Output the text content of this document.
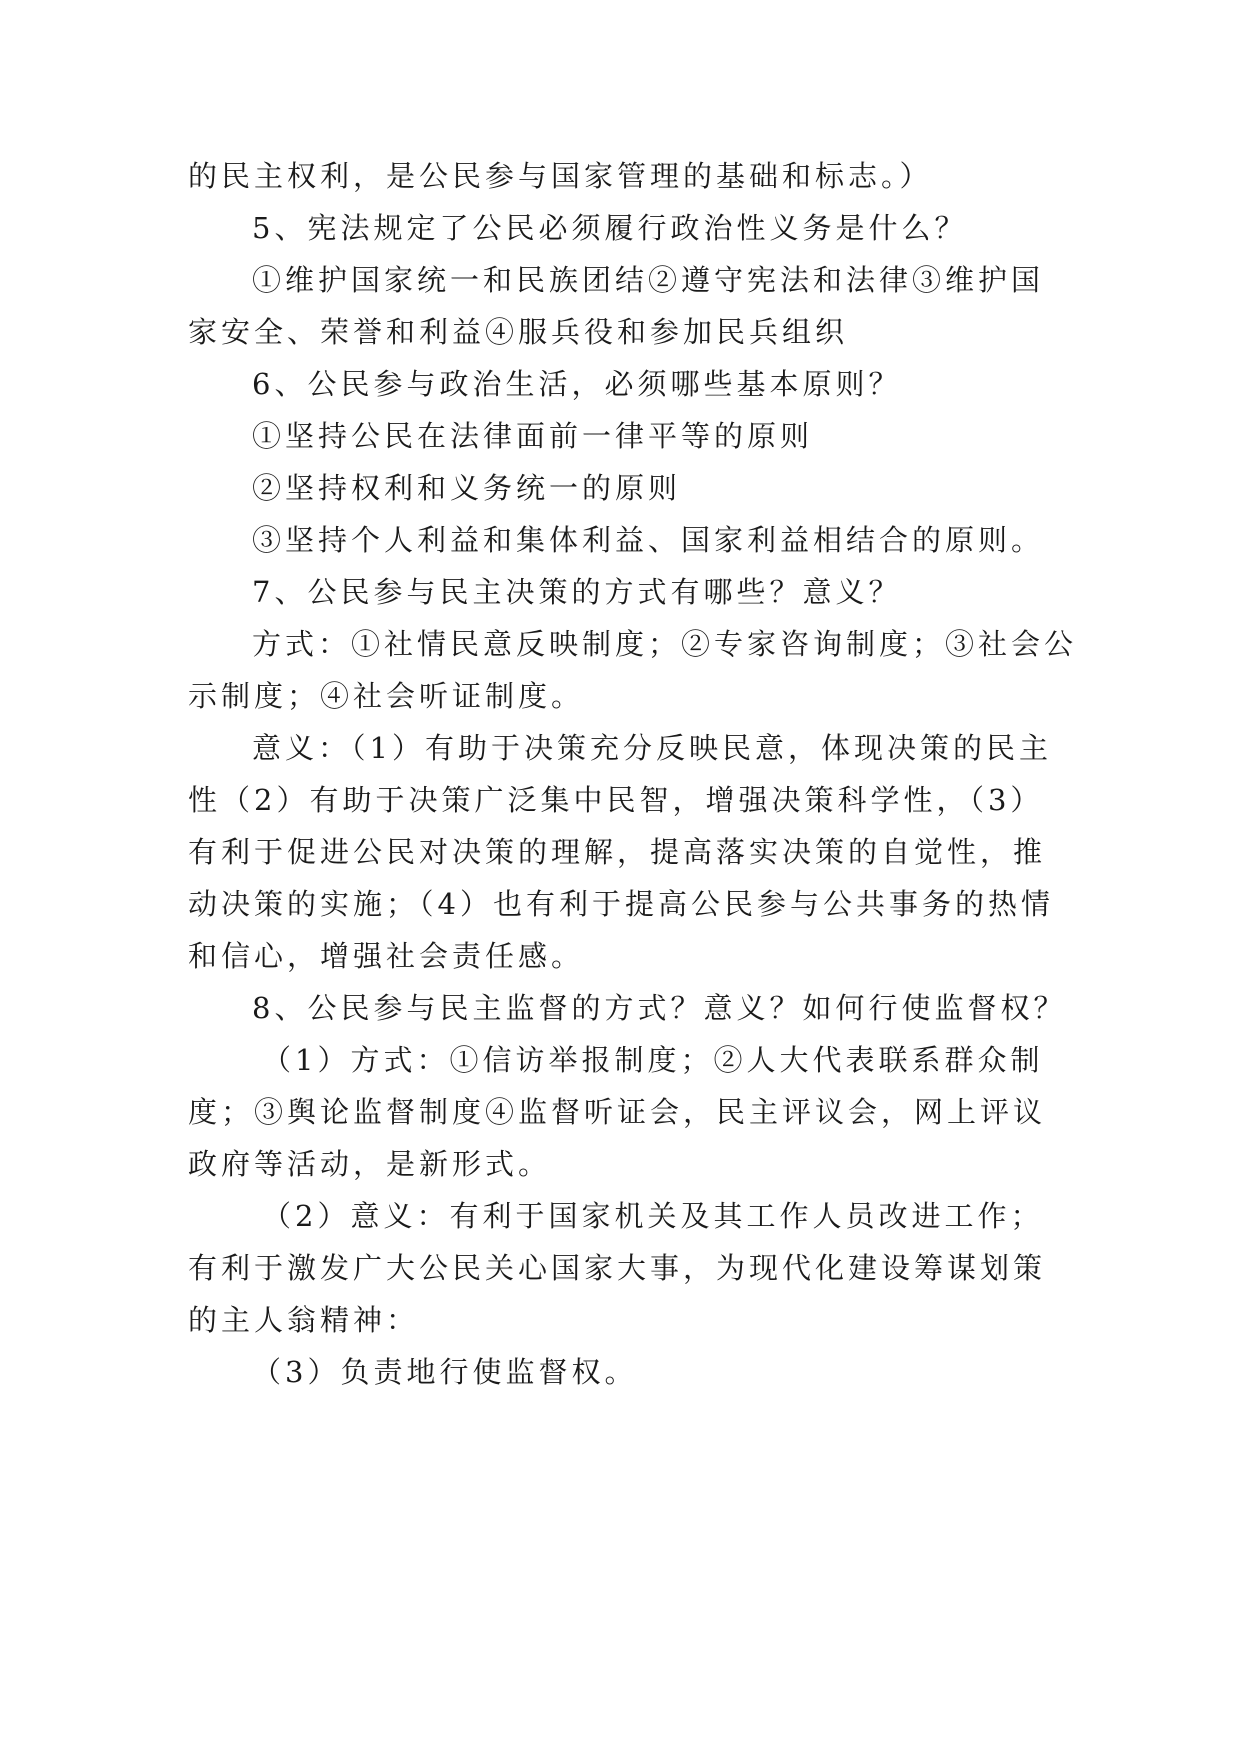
的民主权利，是公民参与国家管理的基础和标志。）
5、宪法规定了公民必须履行政治性义务是什么？
①维护国家统一和民族团结②遵守宪法和法律③维护国
家安全、荣誉和利益④服兵役和参加民兵组织
6、公民参与政治生活，必须哪些基本原则？
①坚持公民在法律面前一律平等的原则
②坚持权利和义务统一的原则
③坚持个人利益和集体利益、国家利益相结合的原则。
7、公民参与民主决策的方式有哪些？意义？
方式：①社情民意反映制度；②专家咨询制度；③社会公
示制度；④社会听证制度。
意义：（1）有助于决策充分反映民意，体现决策的民主
性（2）有助于决策广泛集中民智，增强决策科学性，（3）
有利于促进公民对决策的理解，提高落实决策的自觉性，推
动决策的实施；（4）也有利于提高公民参与公共事务的热情
和信心，增强社会责任感。
8、公民参与民主监督的方式？意义？如何行使监督权？
（1）方式：①信访举报制度；②人大代表联系群众制
度；③舆论监督制度④监督听证会，民主评议会，网上评议
政府等活动，是新形式。
（2）意义：有利于国家机关及其工作人员改进工作；
有利于激发广大公民关心国家大事，为现代化建设筹谋划策
的主人翁精神：
（3）负责地行使监督权。
